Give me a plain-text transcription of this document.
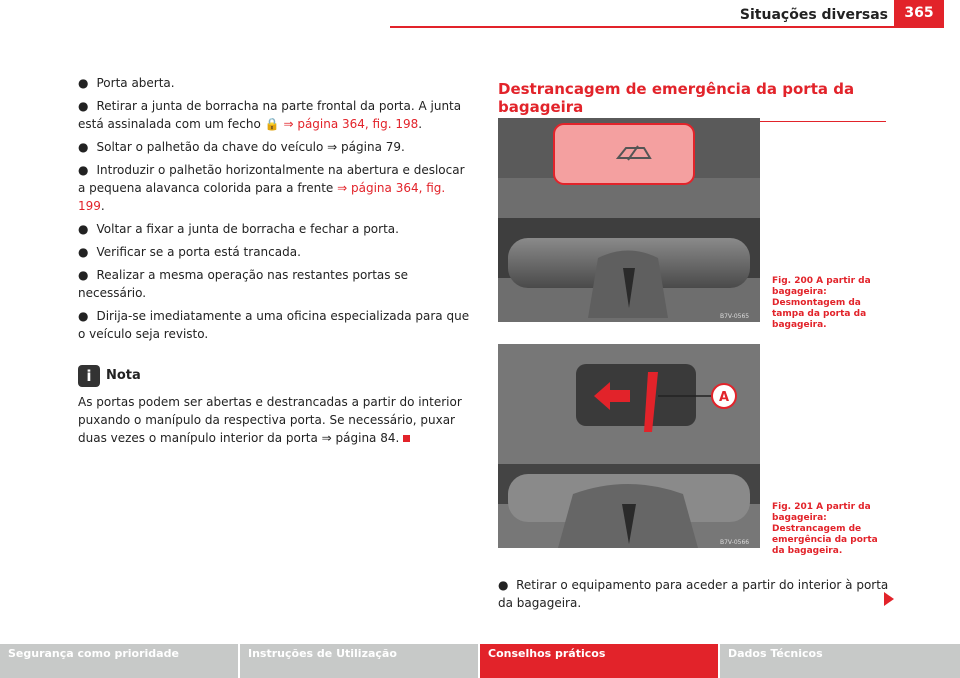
Situações diversas	365
● Porta aberta.
● Retirar a junta de borracha na parte frontal da porta. A junta está assinalada com um fecho 🔒 ⇒ página 364, fig. 198.
● Soltar o palhetão da chave do veículo ⇒ página 79.
● Introduzir o palhetão horizontalmente na abertura e deslocar a pequena alavanca colorida para a frente ⇒ página 364, fig. 199.
● Voltar a fixar a junta de borracha e fechar a porta.
● Verificar se a porta está trancada.
● Realizar a mesma operação nas restantes portas se necessário.
● Dirija-se imediatamente a uma oficina especializada para que o veículo seja revisto.
i	Nota
As portas podem ser abertas e destrancadas a partir do interior puxando o manípulo da respectiva porta. Se necessário, puxar duas vezes o manípulo interior da porta ⇒ página 84.
Destrancagem de emergência da porta da bagageira
B7V-0565
Fig. 200 A partir da bagageira: Desmontagem da tampa da porta da bagageira.
A
B7V-0566
Fig. 201 A partir da bagageira: Destrancagem de emergência da porta da bagageira.
● Retirar o equipamento para aceder a partir do interior à porta da bagageira.
Segurança como prioridade	Instruções de Utilização	Conselhos práticos	Dados Técnicos
